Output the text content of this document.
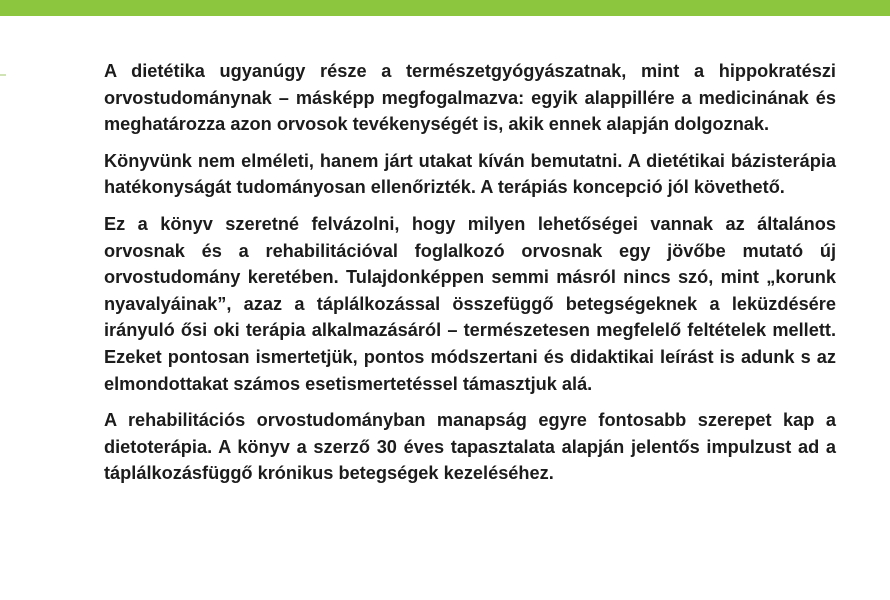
A dietétika ugyanúgy része a természetgyógyászatnak, mint a hippokratészi orvostudománynak – másképp megfogalmazva: egyik alappillére a medicinának és meghatározza azon orvosok tevékenységét is, akik ennek alapján dolgoznak.

Könyvünk nem elméleti, hanem járt utakat kíván bemutatni. A dietétikai bázisterápia hatékonyságát tudományosan ellenőrizték. A terápiás koncepció jól követhető.

Ez a könyv szeretné felvázolni, hogy milyen lehetőségei vannak az általános orvosnak és a rehabilitációval foglalkozó orvosnak egy jövőbe mutató új orvostudomány keretében. Tulajdonképpen semmi másról nincs szó, mint „korunk nyavalyáinak”, azaz a táplálkozással összefüggő betegségeknek a leküzdésére irányuló ősi oki terápia alkalmazásáról – természetesen megfelelő feltételek mellett. Ezeket pontosan ismertetjük, pontos módszertani és didaktikai leírást is adunk s az elmondottakat számos esetismertetéssel támasztjuk alá.

A rehabilitációs orvostudományban manapság egyre fontosabb szerepet kap a dietoterápia. A könyv a szerző 30 éves tapasztalata alapján jelentős impulzust ad a táplálkozásfüggő krónikus betegségek kezeléséhez.
